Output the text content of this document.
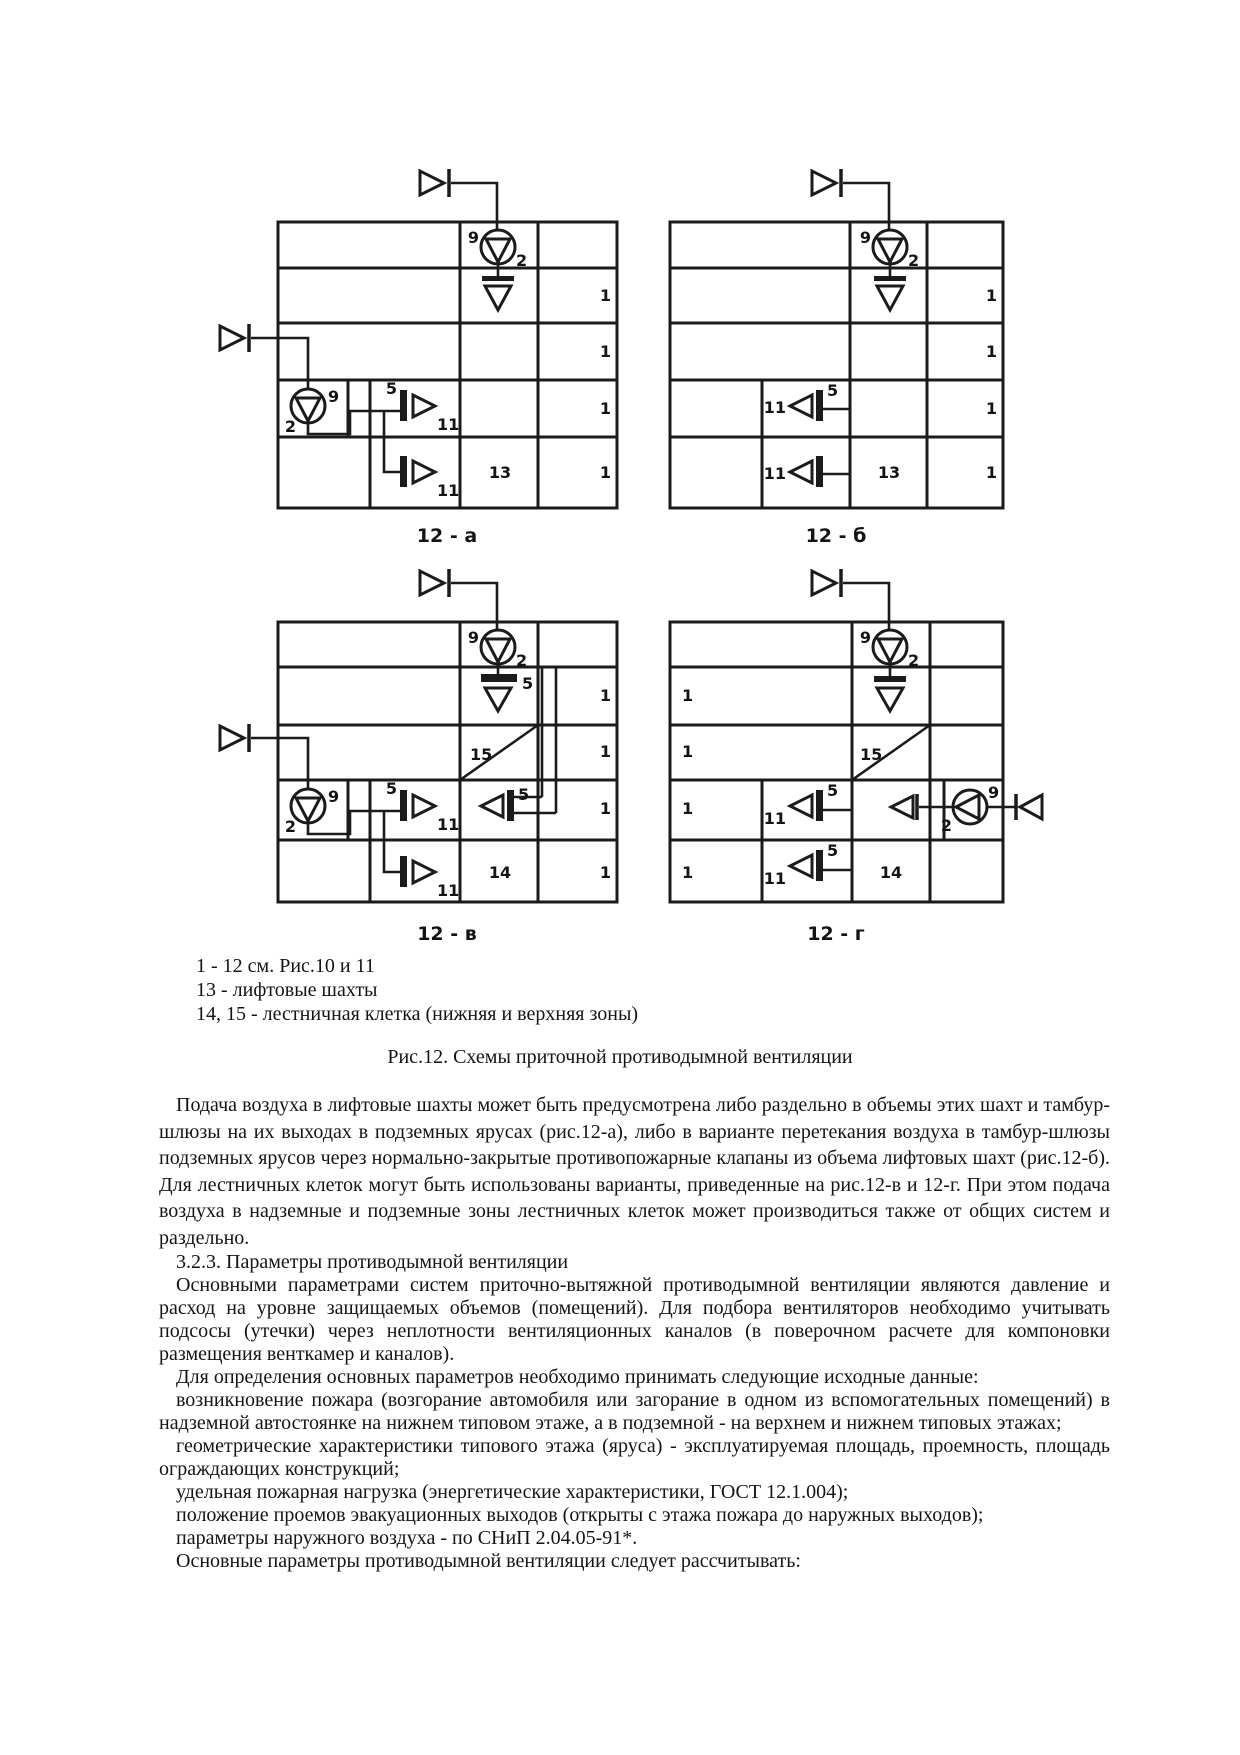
9
2
9
2
5
11
11
13
1
1
1
1
12 - а
9
2
11
5
11	13
1
1
1
1
12 - б
15
9
2
5
5
9
2
5
11
11
14
1
1
1
1
12 - в
15
9
2
11
5
11
5
14
9
2
1
1
1
1
12 - г
1 - 12 см. Рис.10 и 11
13 - лифтовые шахты
14, 15 - лестничная клетка (нижняя и верхняя зоны)
Рис.12. Схемы приточной противодымной вентиляции

Подача воздуха в лифтовые шахты может быть предусмотрена либо раздельно в объемы этих шахт и тамбур-шлюзы на их выходах в подземных ярусах (рис.12-а), либо в варианте перетекания воздуха в тамбур-шлюзы подземных ярусов через нормально-закрытые противопожарные клапаны из объема лифтовых шахт (рис.12-б). Для лестничных клеток могут быть использованы варианты, приведенные на рис.12-в и 12-г. При этом подача воздуха в надземные и подземные зоны лестничных клеток может производиться также от общих систем и раздельно.

3.2.3. Параметры противодымной вентиляции

Основными параметрами систем приточно-вытяжной противодымной вентиляции являются давление и расход на уровне защищаемых объемов (помещений). Для подбора вентиляторов необходимо учитывать подсосы (утечки) через неплотности вентиляционных каналов (в поверочном расчете для компоновки размещения венткамер и каналов).

Для определения основных параметров необходимо принимать следующие исходные данные:

возникновение пожара (возгорание автомобиля или загорание в одном из вспомогательных помещений) в надземной автостоянке на нижнем типовом этаже, а в подземной - на верхнем и нижнем типовых этажах;

геометрические характеристики типового этажа (яруса) - эксплуатируемая площадь, проемность, площадь ограждающих конструкций;

удельная пожарная нагрузка (энергетические характеристики, ГОСТ 12.1.004);

положение проемов эвакуационных выходов (открыты с этажа пожара до наружных выходов);

параметры наружного воздуха - по СНиП 2.04.05-91*.

Основные параметры противодымной вентиляции следует рассчитывать:
